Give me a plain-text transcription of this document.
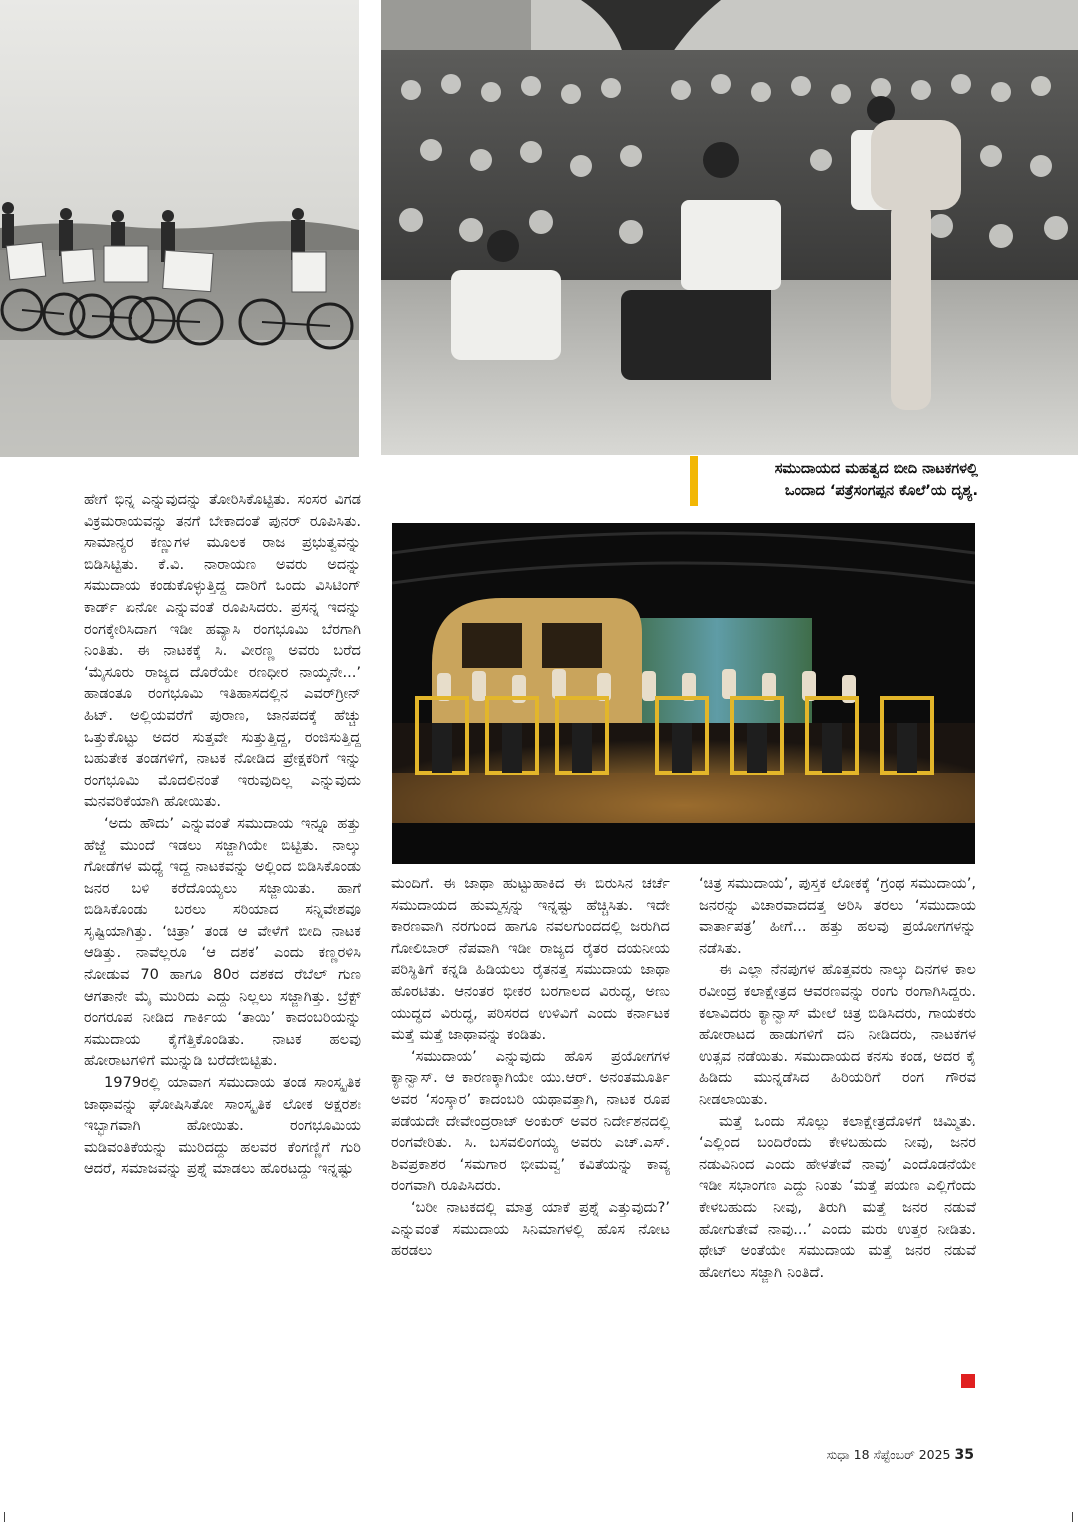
ಸಮುದಾಯದ ಮಹತ್ವದ ಬೀದಿ ನಾಟಕಗಳಲ್ಲಿ
ಒಂದಾದ ‘ಪತ್ರೆಸಂಗಪ್ಪನ ಕೊಲೆ’ಯ ದೃಶ್ಯ.

ಹೇಗೆ ಭಿನ್ನ ಎನ್ನುವುದನ್ನು ತೋರಿಸಿಕೊಟ್ಟಿತು. ಸಂಸರ ವಿಗಡ ವಿಕ್ರಮರಾಯವನ್ನು ತನಗೆ ಬೇಕಾದಂತೆ ಪುನರ್ ರೂಪಿಸಿತು. ಸಾಮಾನ್ಯರ ಕಣ್ಣುಗಳ ಮೂಲಕ ರಾಜ ಪ್ರಭುತ್ವವನ್ನು ಬಿಡಿಸಿಟ್ಟಿತು. ಕೆ.ವಿ. ನಾರಾಯಣ ಅವರು ಅದನ್ನು ಸಮುದಾಯ ಕಂಡುಕೊಳ್ಳುತ್ತಿದ್ದ ದಾರಿಗೆ ಒಂದು ವಿಸಿಟಿಂಗ್ ಕಾರ್ಡ್ ಏನೋ ಎನ್ನುವಂತೆ ರೂಪಿಸಿದರು. ಪ್ರಸನ್ನ ಇದನ್ನು ರಂಗಕ್ಕೇರಿಸಿದಾಗ ಇಡೀ ಹವ್ಯಾಸಿ ರಂಗಭೂಮಿ ಬೆರಗಾಗಿ ನಿಂತಿತು. ಈ ನಾಟಕಕ್ಕೆ ಸಿ. ವೀರಣ್ಣ ಅವರು ಬರೆದ ‘ಮೈಸೂರು ರಾಜ್ಯದ ದೊರೆಯೇ ರಣಧೀರ ನಾಯ್ಕನೇ...’ ಹಾಡಂತೂ ರಂಗಭೂಮಿ ಇತಿಹಾಸದಲ್ಲಿನ ಎವರ್‌ಗ್ರೀನ್ ಹಿಟ್. ಅಲ್ಲಿಯವರೆಗೆ ಪುರಾಣ, ಜಾನಪದಕ್ಕೆ ಹೆಚ್ಚು ಒತ್ತುಕೊಟ್ಟು ಅದರ ಸುತ್ತವೇ ಸುತ್ತುತ್ತಿದ್ದ, ರಂಜಿಸುತ್ತಿದ್ದ ಬಹುತೇಕ ತಂಡಗಳಿಗೆ, ನಾಟಕ ನೋಡಿದ ಪ್ರೇಕ್ಷಕರಿಗೆ ಇನ್ನು ರಂಗಭೂಮಿ ಮೊದಲಿನಂತೆ ಇರುವುದಿಲ್ಲ ಎನ್ನುವುದು ಮನವರಿಕೆಯಾಗಿ ಹೋಯಿತು.

‘ಅದು ಹೌದು’ ಎನ್ನುವಂತೆ ಸಮುದಾಯ ಇನ್ನೂ ಹತ್ತು ಹೆಜ್ಜೆ ಮುಂದೆ ಇಡಲು ಸಜ್ಜಾಗಿಯೇ ಬಿಟ್ಟಿತು. ನಾಲ್ಕು ಗೋಡೆಗಳ ಮಧ್ಯೆ ಇದ್ದ ನಾಟಕವನ್ನು ಅಲ್ಲಿಂದ ಬಿಡಿಸಿಕೊಂಡು ಜನರ ಬಳಿ ಕರೆದೊಯ್ಯಲು ಸಜ್ಜಾಯಿತು. ಹಾಗೆ ಬಿಡಿಸಿಕೊಂಡು ಬರಲು ಸರಿಯಾದ ಸನ್ನಿವೇಶವೂ ಸೃಷ್ಟಿಯಾಗಿತ್ತು. ‘ಚಿತ್ರಾ’ ತಂಡ ಆ ವೇಳೆಗೆ ಬೀದಿ ನಾಟಕ ಆಡಿತ್ತು. ನಾವೆಲ್ಲರೂ ‘ಆ ದಶಕ’ ಎಂದು ಕಣ್ಣರಳಿಸಿ ನೋಡುವ 70 ಹಾಗೂ 80ರ ದಶಕದ ರೆಬೆಲ್ ಗುಣ ಆಗತಾನೇ ಮೈ ಮುರಿದು ಎದ್ದು ನಿಲ್ಲಲು ಸಜ್ಜಾಗಿತ್ತು. ಬ್ರೆಕ್ಟ್ ರಂಗರೂಪ ನೀಡಿದ ಗಾರ್ಕಿಯ ‘ತಾಯಿ’ ಕಾದಂಬರಿಯನ್ನು ಸಮುದಾಯ ಕೈಗೆತ್ತಿಕೊಂಡಿತು. ನಾಟಕ ಹಲವು ಹೋರಾಟಗಳಿಗೆ ಮುನ್ನುಡಿ ಬರೆದೇಬಿಟ್ಟಿತು.

1979ರಲ್ಲಿ ಯಾವಾಗ ಸಮುದಾಯ ತಂಡ ಸಾಂಸ್ಕೃತಿಕ ಜಾಥಾವನ್ನು ಘೋಷಿಸಿತೋ ಸಾಂಸ್ಕೃತಿಕ ಲೋಕ ಅಕ್ಷರಶಃ ಇಬ್ಭಾಗವಾಗಿ ಹೋಯಿತು. ರಂಗಭೂಮಿಯ ಮಡಿವಂತಿಕೆಯನ್ನು ಮುರಿದದ್ದು ಹಲವರ ಕೆಂಗಣ್ಣಿಗೆ ಗುರಿ ಆದರೆ, ಸಮಾಜವನ್ನು ಪ್ರಶ್ನೆ ಮಾಡಲು ಹೊರಟದ್ದು ಇನ್ನಷ್ಟು

ಮಂದಿಗೆ. ಈ ಜಾಥಾ ಹುಟ್ಟುಹಾಕಿದ ಈ ಬಿರುಸಿನ ಚರ್ಚೆ ಸಮುದಾಯದ ಹುಮ್ಮಸ್ಸನ್ನು ಇನ್ನಷ್ಟು ಹೆಚ್ಚಿಸಿತು. ಇದೇ ಕಾರಣವಾಗಿ ನರಗುಂದ ಹಾಗೂ ನವಲಗುಂದದಲ್ಲಿ ಜರುಗಿದ ಗೋಲಿಬಾರ್ ನೆಪವಾಗಿ ಇಡೀ ರಾಜ್ಯದ ರೈತರ ದಯನೀಯ ಪರಿಸ್ಥಿತಿಗೆ ಕನ್ನಡಿ ಹಿಡಿಯಲು ರೈತನತ್ತ ಸಮುದಾಯ ಜಾಥಾ ಹೊರಟಿತು. ಆನಂತರ ಭೀಕರ ಬರಗಾಲದ ವಿರುದ್ಧ, ಅಣು ಯುದ್ಧದ ವಿರುದ್ಧ, ಪರಿಸರದ ಉಳಿವಿಗೆ ಎಂದು ಕರ್ನಾಟಕ ಮತ್ತೆ ಮತ್ತೆ ಜಾಥಾವನ್ನು ಕಂಡಿತು.

‘ಸಮುದಾಯ’ ಎನ್ನುವುದು ಹೊಸ ಪ್ರಯೋಗಗಳ ಕ್ಯಾನ್ವಾಸ್. ಆ ಕಾರಣಕ್ಕಾಗಿಯೇ ಯು.ಆರ್. ಅನಂತಮೂರ್ತಿ ಅವರ ‘ಸಂಸ್ಕಾರ’ ಕಾದಂಬರಿ ಯಥಾವತ್ತಾಗಿ, ನಾಟಕ ರೂಪ ಪಡೆಯದೇ ದೇವೇಂದ್ರರಾಜ್ ಅಂಕುರ್ ಅವರ ನಿರ್ದೇಶನದಲ್ಲಿ ರಂಗವೇರಿತು. ಸಿ. ಬಸವಲಿಂಗಯ್ಯ ಅವರು ಎಚ್.ಎಸ್. ಶಿವಪ್ರಕಾಶರ ‘ಸಮಗಾರ ಭೀಮವ್ವ’ ಕವಿತೆಯನ್ನು ಕಾವ್ಯ ರಂಗವಾಗಿ ರೂಪಿಸಿದರು.

‘ಬರೀ ನಾಟಕದಲ್ಲಿ ಮಾತ್ರ ಯಾಕೆ ಪ್ರಶ್ನೆ ಎತ್ತುವುದು?’ ಎನ್ನುವಂತೆ ಸಮುದಾಯ ಸಿನಿಮಾಗಳಲ್ಲಿ ಹೊಸ ನೋಟ ಹರಡಲು

‘ಚಿತ್ರ ಸಮುದಾಯ’, ಪುಸ್ತಕ ಲೋಕಕ್ಕೆ ‘ಗ್ರಂಥ ಸಮುದಾಯ’, ಜನರನ್ನು ವಿಚಾರವಾದದತ್ತ ಅರಿಸಿ ತರಲು ‘ಸಮುದಾಯ ವಾರ್ತಾಪತ್ರ’ ಹೀಗೆ... ಹತ್ತು ಹಲವು ಪ್ರಯೋಗಗಳನ್ನು ನಡೆಸಿತು.

ಈ ಎಲ್ಲಾ ನೆನಪುಗಳ ಹೊತ್ತವರು ನಾಲ್ಕು ದಿನಗಳ ಕಾಲ ರವೀಂದ್ರ ಕಲಾಕ್ಷೇತ್ರದ ಆವರಣವನ್ನು ರಂಗು ರಂಗಾಗಿಸಿದ್ದರು. ಕಲಾವಿದರು ಕ್ಯಾನ್ವಾಸ್ ಮೇಲೆ ಚಿತ್ರ ಬಿಡಿಸಿದರು, ಗಾಯಕರು ಹೋರಾಟದ ಹಾಡುಗಳಿಗೆ ದನಿ ನೀಡಿದರು, ನಾಟಕಗಳ ಉತ್ಸವ ನಡೆಯಿತು. ಸಮುದಾಯದ ಕನಸು ಕಂಡ, ಅದರ ಕೈ ಹಿಡಿದು ಮುನ್ನಡೆಸಿದ ಹಿರಿಯರಿಗೆ ರಂಗ ಗೌರವ ನೀಡಲಾಯಿತು.

ಮತ್ತೆ ಒಂದು ಸೊಲ್ಲು ಕಲಾಕ್ಷೇತ್ರದೊಳಗೆ ಚಿಮ್ಮಿತು. ‘ಎಲ್ಲಿಂದ ಬಂದಿರೆಂದು ಕೇಳಬಹುದು ನೀವು, ಜನರ ನಡುವಿನಿಂದ ಎಂದು ಹೇಳತೇವೆ ನಾವು’ ಎಂದೊಡನೆಯೇ ಇಡೀ ಸಭಾಂಗಣ ಎದ್ದು ನಿಂತು ‘ಮತ್ತೆ ಪಯಣ ಎಲ್ಲಿಗೆಂದು ಕೇಳಬಹುದು ನೀವು, ತಿರುಗಿ ಮತ್ತೆ ಜನರ ನಡುವೆ ಹೋಗುತೇವೆ ನಾವು...’ ಎಂದು ಮರು ಉತ್ತರ ನೀಡಿತು. ಥೇಟ್ ಅಂತೆಯೇ ಸಮುದಾಯ ಮತ್ತೆ ಜನರ ನಡುವೆ ಹೋಗಲು ಸಜ್ಜಾಗಿ ನಿಂತಿದೆ.

ಸುಧಾ 18 ಸೆಪ್ಟೆಂಬರ್ 2025 35
